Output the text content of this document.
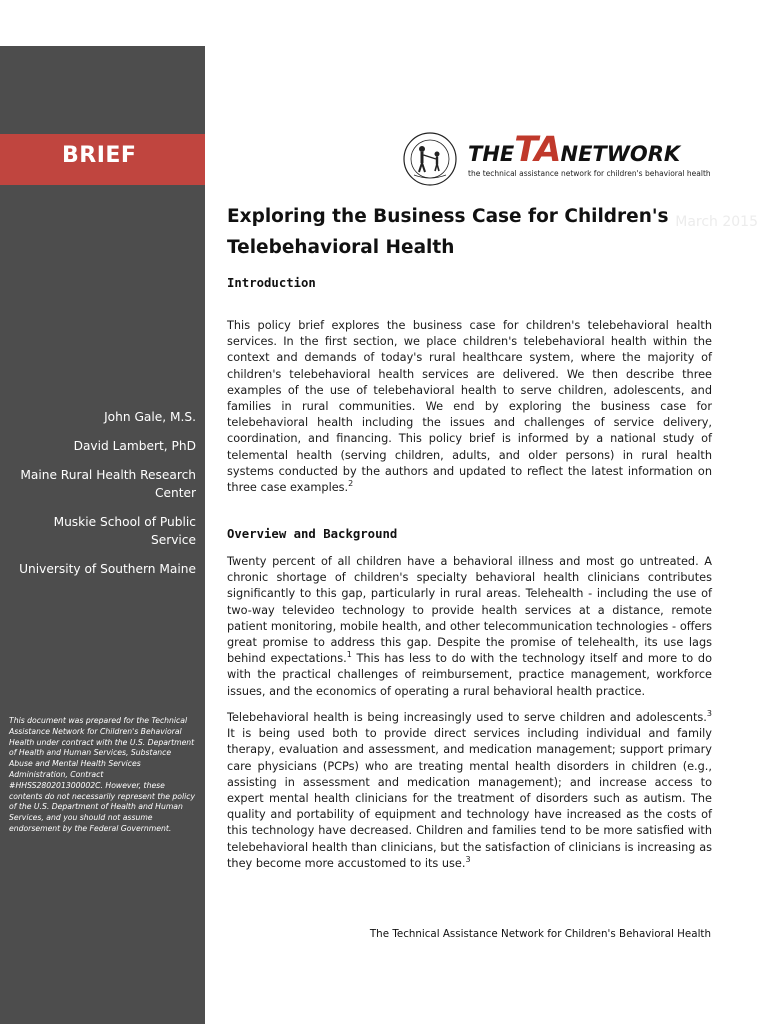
BRIEF
March 2015
John Gale, M.S.
David Lambert, PhD
Maine Rural Health Research Center
Muskie School of Public Service
University of Southern Maine
This document was prepared for the Technical Assistance Network for Children's Behavioral Health under contract with the U.S. Department of Health and Human Services, Substance Abuse and Mental Health Services Administration, Contract #HHSS280201300002C. However, these contents do not necessarily represent the policy of the U.S. Department of Health and Human Services, and you should not assume endorsement by the Federal Government.
THETANETWORK
the technical assistance network for children's behavioral health
Exploring the Business Case for Children's Telebehavioral Health
Introduction
This policy brief explores the business case for children's telebehavioral health services. In the first section, we place children's telebehavioral health within the context and demands of today's rural healthcare system, where the majority of children's telebehavioral health services are delivered. We then describe three examples of the use of telebehavioral health to serve children, adolescents, and families in rural communities. We end by exploring the business case for telebehavioral health including the issues and challenges of service delivery, coordination, and financing. This policy brief is informed by a national study of telemental health (serving children, adults, and older persons) in rural health systems conducted by the authors and updated to reflect the latest information on three case examples.$^2$
Overview and Background
Twenty percent of all children have a behavioral illness and most go untreated. A chronic shortage of children's specialty behavioral health clinicians contributes significantly to this gap, particularly in rural areas. Telehealth - including the use of two-way televideo technology to provide health services at a distance, remote patient monitoring, mobile health, and other telecommunication technologies - offers great promise to address this gap. Despite the promise of telehealth, its use lags behind expectations.$^1$ This has less to do with the technology itself and more to do with the practical challenges of reimbursement, practice management, workforce issues, and the economics of operating a rural behavioral health practice.
Telebehavioral health is being increasingly used to serve children and adolescents.$^3$ It is being used both to provide direct services including individual and family therapy, evaluation and assessment, and medication management; support primary care physicians (PCPs) who are treating mental health disorders in children (e.g., assisting in assessment and medication management); and increase access to expert mental health clinicians for the treatment of disorders such as autism. The quality and portability of equipment and technology have increased as the costs of this technology have decreased. Children and families tend to be more satisfied with telebehavioral health than clinicians, but the satisfaction of clinicians is increasing as they become more accustomed to its use.$^3$
The Technical Assistance Network for Children's Behavioral Health
